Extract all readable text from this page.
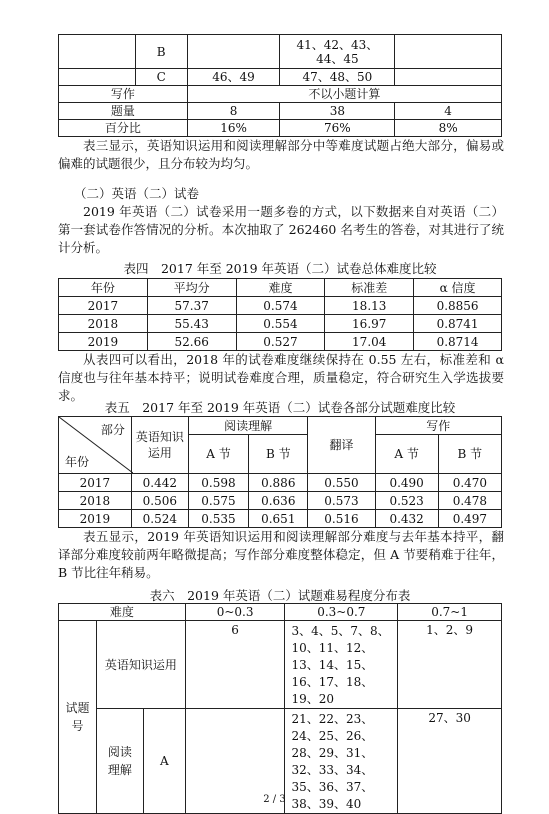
	B		41、42、43、44、45	
	C	46、49	47、48、50	
写作		不以小题计算		
题量		8	38	4
百分比		16%	76%	8%
表三显示，英语知识运用和阅读理解部分中等难度试题占绝大部分，偏易或偏难的试题很少，且分布较为均匀。
（二）英语（二）试卷
2019 年英语（二）试卷采用一题多卷的方式，以下数据来自对英语（二）第一套试卷作答情况的分析。本次抽取了 262460 名考生的答卷，对其进行了统计分析。
表四　2017 年至 2019 年英语（二）试卷总体难度比较
年份	平均分	难度	标准差	α 信度
2017	57.37	0.574	18.13	0.8856
2018	55.43	0.554	16.97	0.8741
2019	52.66	0.527	17.04	0.8714
从表四可以看出，2018 年的试卷难度继续保持在 0.55 左右，标准差和 α 信度也与往年基本持平；说明试卷难度合理，质量稳定，符合研究生入学选拔要求。
表五　2017 年至 2019 年英语（二）试卷各部分试题难度比较
部分
年份	英语知识运用	阅读理解		翻译	写作	
		A 节	B 节		A 节	B 节
2017	0.442	0.598	0.886	0.550	0.490	0.470
2018	0.506	0.575	0.636	0.573	0.523	0.478
2019	0.524	0.535	0.651	0.516	0.432	0.497
表五显示，2019 年英语知识运用和阅读理解部分难度与去年基本持平，翻译部分难度较前两年略微提高；写作部分难度整体稳定，但 A 节要稍难于往年，B 节比往年稍易。
表六　2019 年英语（二）试题难易程度分布表
难度			0~0.3	0.3~0.7	0.7~1
试题号	英语知识运用		6	3、4、5、7、8、10、11、12、13、14、15、16、17、18、19、20	1、2、9
	阅读理解	A		21、22、23、24、25、26、28、29、31、32、33、34、35、36、37、38、39、40	27、30
2 / 3
